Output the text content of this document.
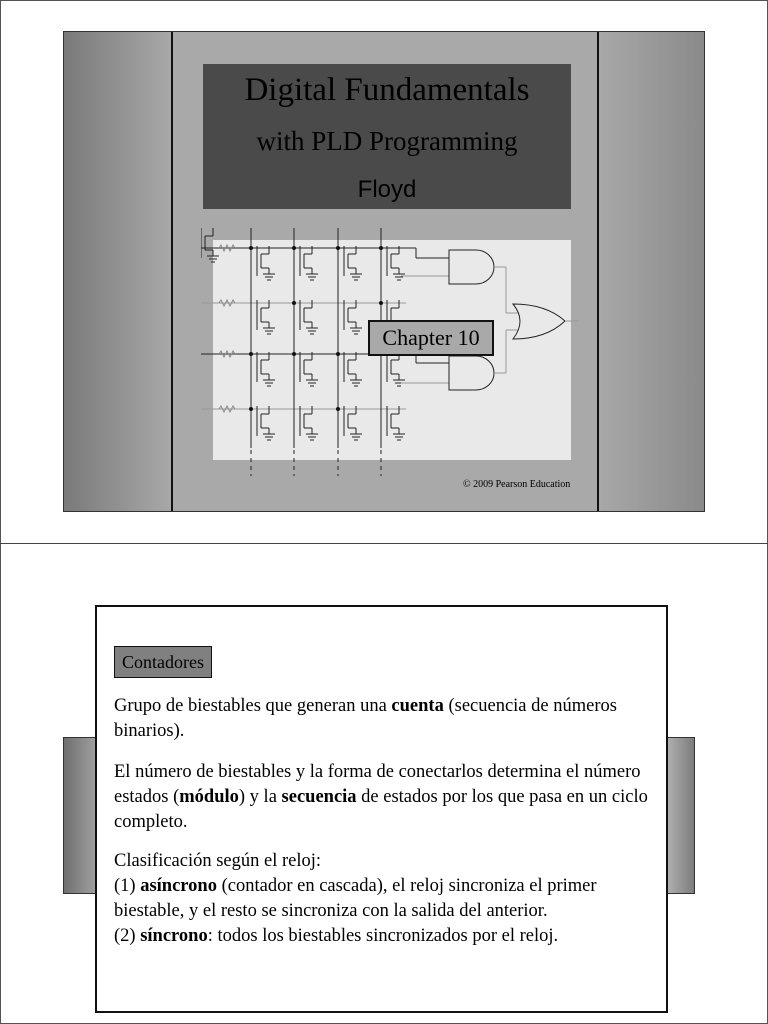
Digital Fundamentals
with PLD Programming
Floyd
Chapter 10
© 2009 Pearson Education
Contadores
Grupo de biestables que generan una cuenta (secuencia de números binarios).
El número de biestables y la forma de conectarlos determina el número estados (módulo) y la secuencia de estados por los que pasa en un ciclo completo.
Clasificación según el reloj:
(1) asíncrono (contador en cascada), el reloj sincroniza el primer biestable, y el resto se sincroniza con la salida del anterior.
(2) síncrono: todos los biestables sincronizados por el reloj.
